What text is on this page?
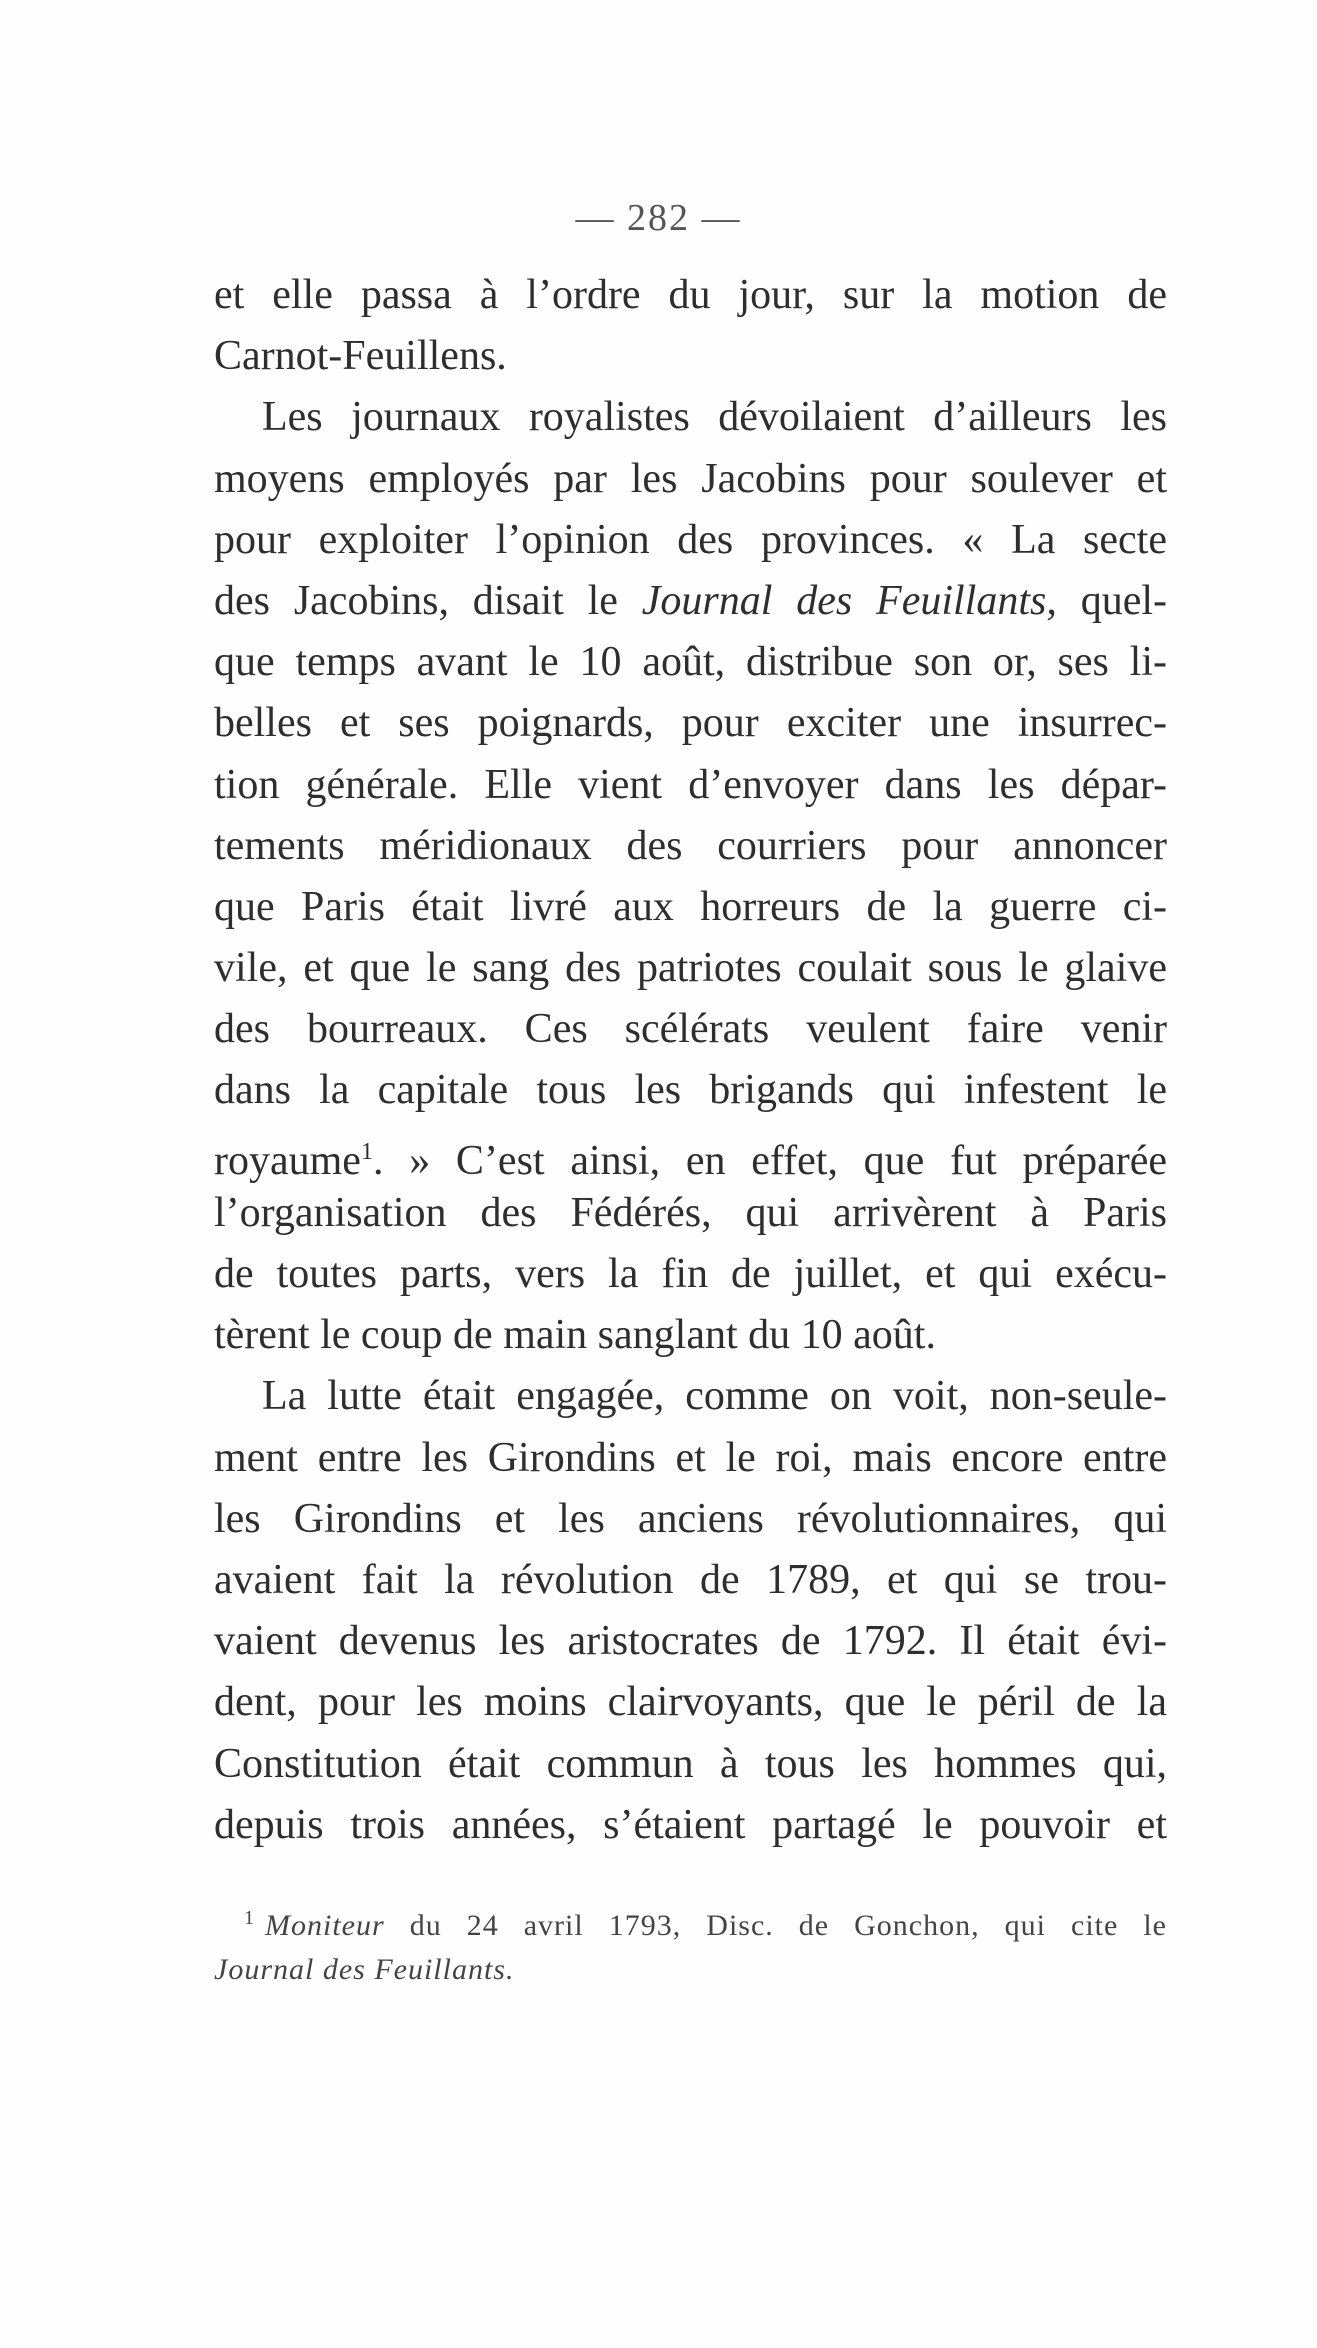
— 282 —
et elle passa à l’ordre du jour, sur la motion de
Carnot-Feuillens.
Les journaux royalistes dévoilaient d’ailleurs les
moyens employés par les Jacobins pour soulever et
pour exploiter l’opinion des provinces. « La secte
des Jacobins, disait le Journal des Feuillants, quel-
que temps avant le 10 août, distribue son or, ses li-
belles et ses poignards, pour exciter une insurrec-
tion générale. Elle vient d’envoyer dans les dépar-
tements méridionaux des courriers pour annoncer
que Paris était livré aux horreurs de la guerre ci-
vile, et que le sang des patriotes coulait sous le glaive
des bourreaux. Ces scélérats veulent faire venir
dans la capitale tous les brigands qui infestent le
royaume$^1$. » C’est ainsi, en effet, que fut préparée
l’organisation des Fédérés, qui arrivèrent à Paris
de toutes parts, vers la fin de juillet, et qui exécu-
tèrent le coup de main sanglant du 10 août.
La lutte était engagée, comme on voit, non-seule-
ment entre les Girondins et le roi, mais encore entre
les Girondins et les anciens révolutionnaires, qui
avaient fait la révolution de 1789, et qui se trou-
vaient devenus les aristocrates de 1792. Il était évi-
dent, pour les moins clairvoyants, que le péril de la
Constitution était commun à tous les hommes qui,
depuis trois années, s’étaient partagé le pouvoir et
$^1$ Moniteur du 24 avril 1793, Disc. de Gonchon, qui cite le
Journal des Feuillants.
